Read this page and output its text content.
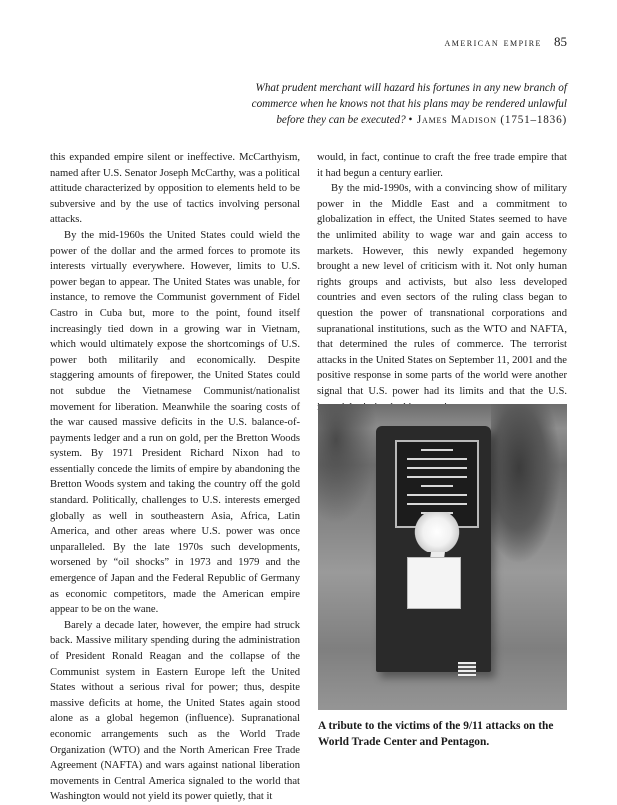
american empire 85
What prudent merchant will hazard his fortunes in any new branch of
commerce when he knows not that his plans may be rendered unlawful
before they can be executed? • James Madison (1751–1836)

this expanded empire silent or ineffective. McCarthyism, named after U.S. Senator Joseph McCarthy, was a political attitude characterized by opposition to elements held to be subversive and by the use of tactics involving personal attacks.

By the mid-1960s the United States could wield the power of the dollar and the armed forces to promote its interests virtually everywhere. However, limits to U.S. power began to appear. The United States was unable, for instance, to remove the Communist government of Fidel Castro in Cuba but, more to the point, found itself increasingly tied down in a growing war in Vietnam, which would ultimately expose the shortcomings of U.S. power both militarily and economically. Despite staggering amounts of firepower, the United States could not subdue the Vietnamese Communist/nationalist movement for liberation. Meanwhile the soaring costs of the war caused massive deficits in the U.S. balance-of-payments ledger and a run on gold, per the Bretton Woods system. By 1971 President Richard Nixon had to essentially concede the limits of empire by abandoning the Bretton Woods system and taking the country off the gold standard. Politically, challenges to U.S. interests emerged globally as well in southeastern Asia, Africa, Latin America, and other areas where U.S. power was once unparalleled. By the late 1970s such developments, worsened by “oil shocks” in 1973 and 1979 and the emergence of Japan and the Federal Republic of Germany as economic competitors, made the American empire appear to be on the wane.

Barely a decade later, however, the empire had struck back. Massive military spending during the administration of President Ronald Reagan and the collapse of the Communist system in Eastern Europe left the United States without a serious rival for power; thus, despite massive deficits at home, the United States again stood alone as a global hegemon (influence). Supranational economic arrangements such as the World Trade Organization (WTO) and the North American Free Trade Agreement (NAFTA) and wars against national liberation movements in Central America signaled to the world that Washington would not yield its power quietly, that it

would, in fact, continue to craft the free trade empire that it had begun a century earlier.

By the mid-1990s, with a convincing show of military power in the Middle East and a commitment to globalization in effect, the United States seemed to have the unlimited ability to wage war and gain access to markets. However, this newly expanded hegemony brought a new level of criticism with it. Not only human rights groups and activists, but also less developed countries and even sectors of the ruling class began to question the power of transnational corporations and supranational institutions, such as the WTO and NAFTA, that determined the rules of commerce. The terrorist attacks in the United States on September 11, 2001 and the positive response in some parts of the world were another signal that U.S. power had its limits and that the U.S.

A tribute to the victims of the 9/11 attacks on the World Trade Center and Pentagon.
